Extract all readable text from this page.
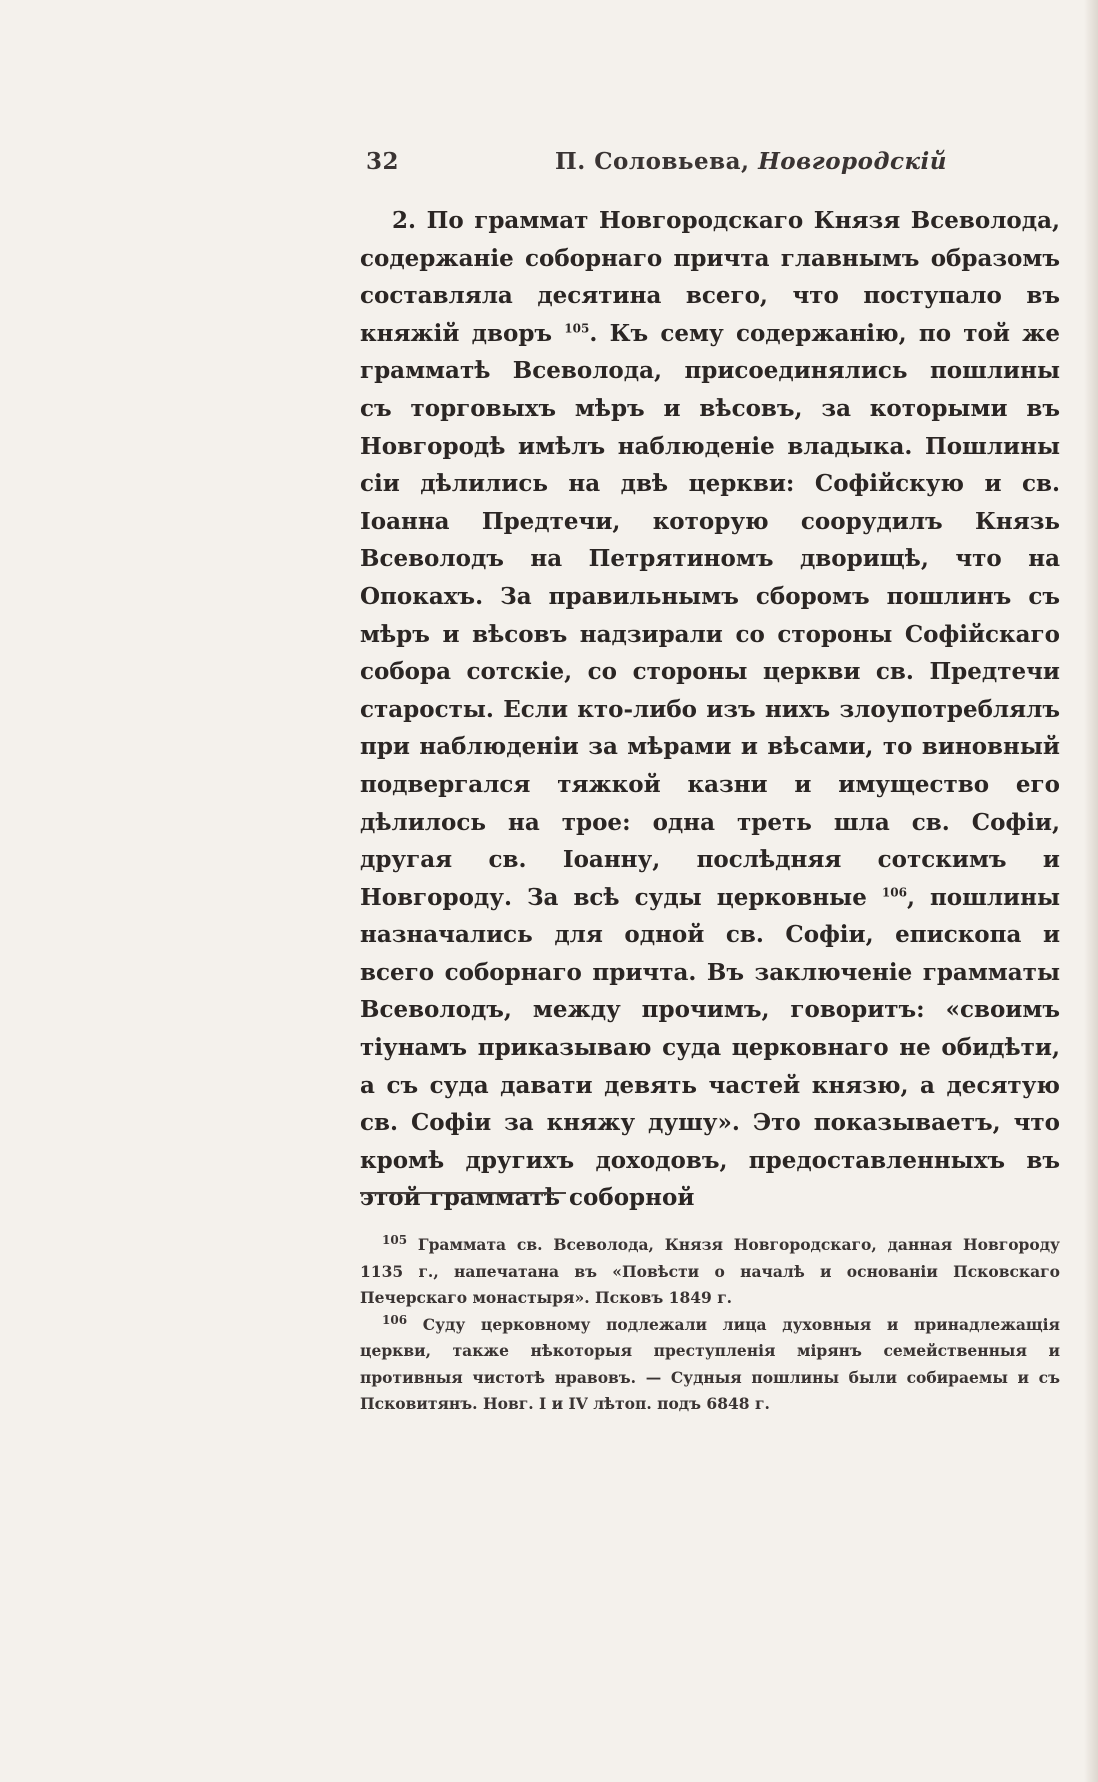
32	П. Соловьева, Новгородскій

2. По граммат Новгородскаго Князя Всеволода, содержаніе соборнаго причта главнымъ образомъ составляла десятина всего, что поступало въ княжій дворъ $^{105}$. Къ сему содержанію, по той же грамматѣ Всеволода, присоединялись пошлины съ торговыхъ мѣръ и вѣсовъ, за которыми въ Новгородѣ имѣлъ наблюденіе владыка. Пошлины сіи дѣлились на двѣ церкви: Софійскую и св. Іоанна Предтечи, которую соорудилъ Князь Всеволодъ на Петрятиномъ дворищѣ, что на Опокахъ. За правильнымъ сборомъ пошлинъ съ мѣръ и вѣсовъ надзирали со стороны Софійскаго собора сотскіе, со стороны церкви св. Предтечи старосты. Если кто-либо изъ нихъ злоупотреблялъ при наблюденіи за мѣрами и вѣсами, то виновный подвергался тяжкой казни и имущество его дѣлилось на трое: одна треть шла св. Софіи, другая св. Іоанну, послѣдняя сотскимъ и Новгороду. За всѣ суды церковные $^{106}$, пошлины назначались для одной св. Софіи, епископа и всего соборнаго причта. Въ заключеніе грамматы Всеволодъ, между прочимъ, говоритъ: «своимъ тіунамъ приказываю суда церковнаго не обидѣти, а съ суда давати девять частей князю, а десятую св. Софіи за княжу душу». Это показываетъ, что кромѣ другихъ доходовъ, предоставленныхъ въ этой грамматѣ соборной

$^{105}$ Грамматa св. Всеволода, Князя Новгородскаго, данная Новгороду 1135 г., напечатана въ «Повѣсти о началѣ и основаніи Псковскаго Печерскаго монастыря». Псковъ 1849 г.

$^{106}$ Суду церковному подлежали лица духовныя и принадлежащія церкви, также нѣкоторыя преступленія мірянъ семейственныя и противныя чистотѣ нравовъ. — Судныя пошлины были собираемы и съ Псковитянъ. Новг. I и IV лѣтоп. подъ 6848 г.
